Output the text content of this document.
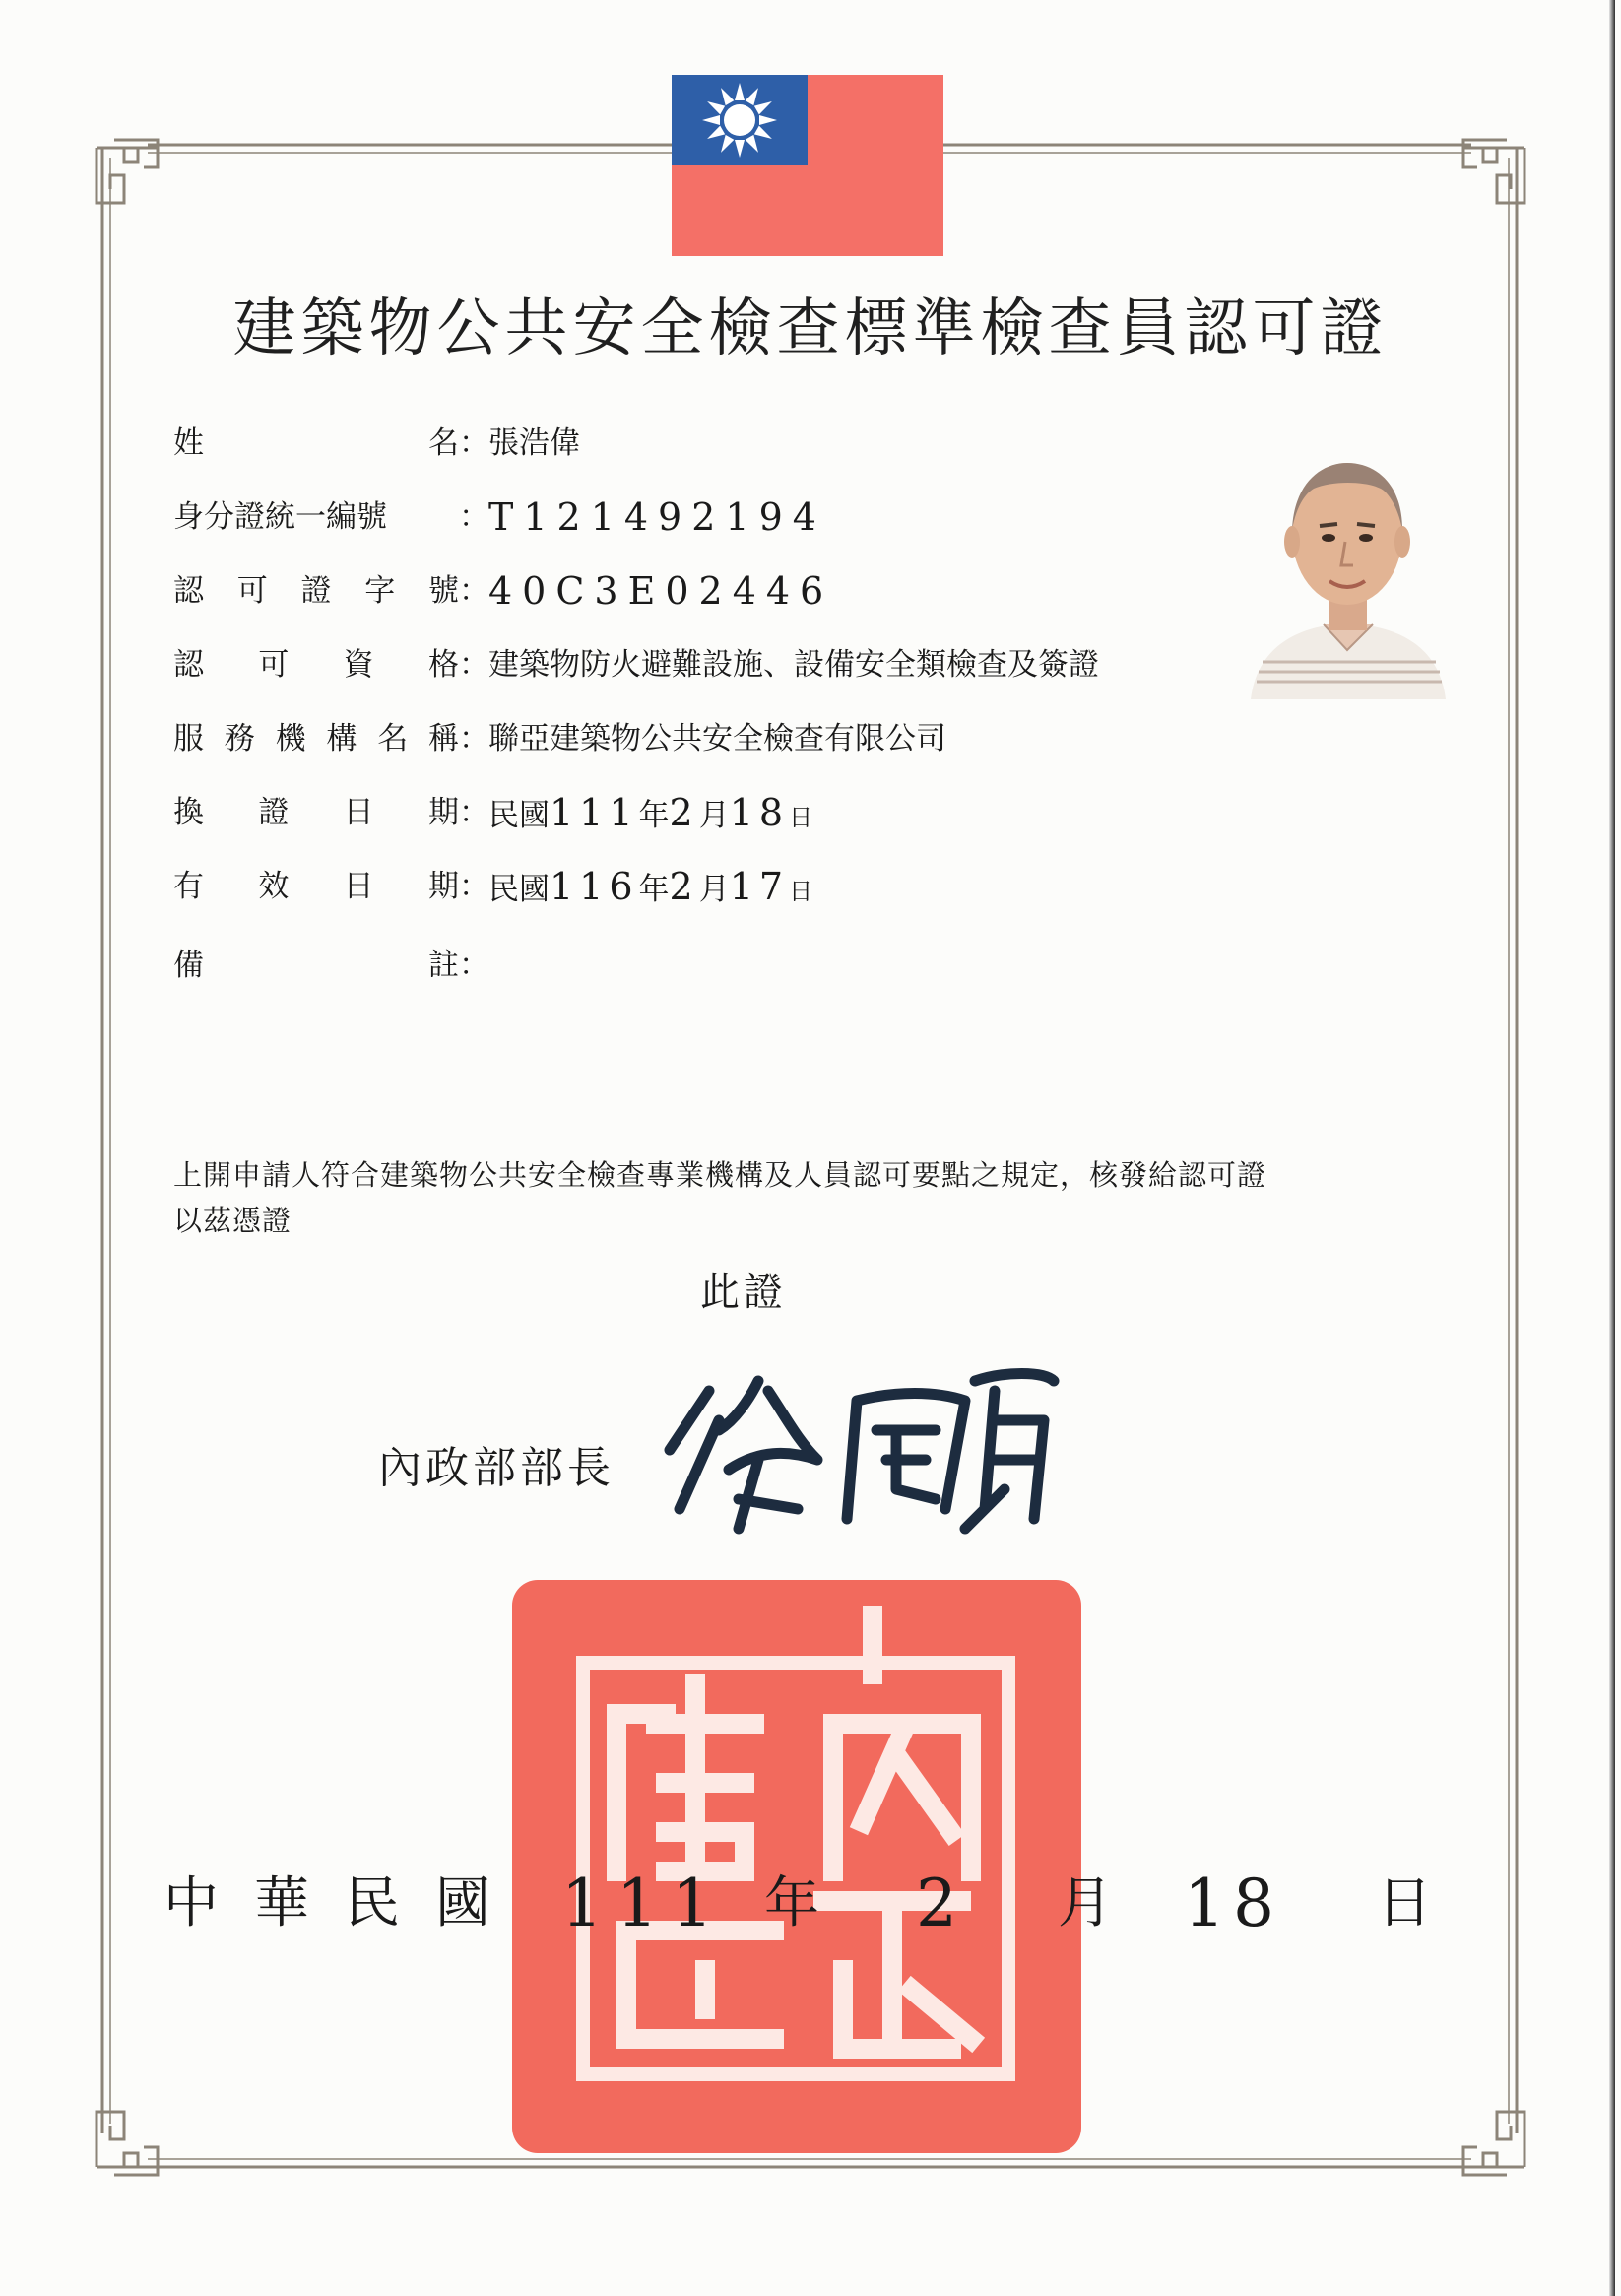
建築物公共安全檢查標準檢查員認可證
姓	名 ： 張浩偉
身分證統一編號 ： T121492194
認 可 證 字 號 ： 40C3E02446
認 可 資 格 ： 建築物防火避難設施、設備安全類檢查及簽證
服 務 機 構 名 稱 ： 聯亞建築物公共安全檢查有限公司
換 證 日 期 ： 民國111年2月18日
有 效 日 期 ： 民國116年2月17日
備	註 ：
上開申請人符合建築物公共安全檢查專業機構及人員認可要點之規定，核發給認可證
以茲憑證
此證
內政部印
內政部部長
徐國勇
中 華 民 國 111 年 2 月 18 日
